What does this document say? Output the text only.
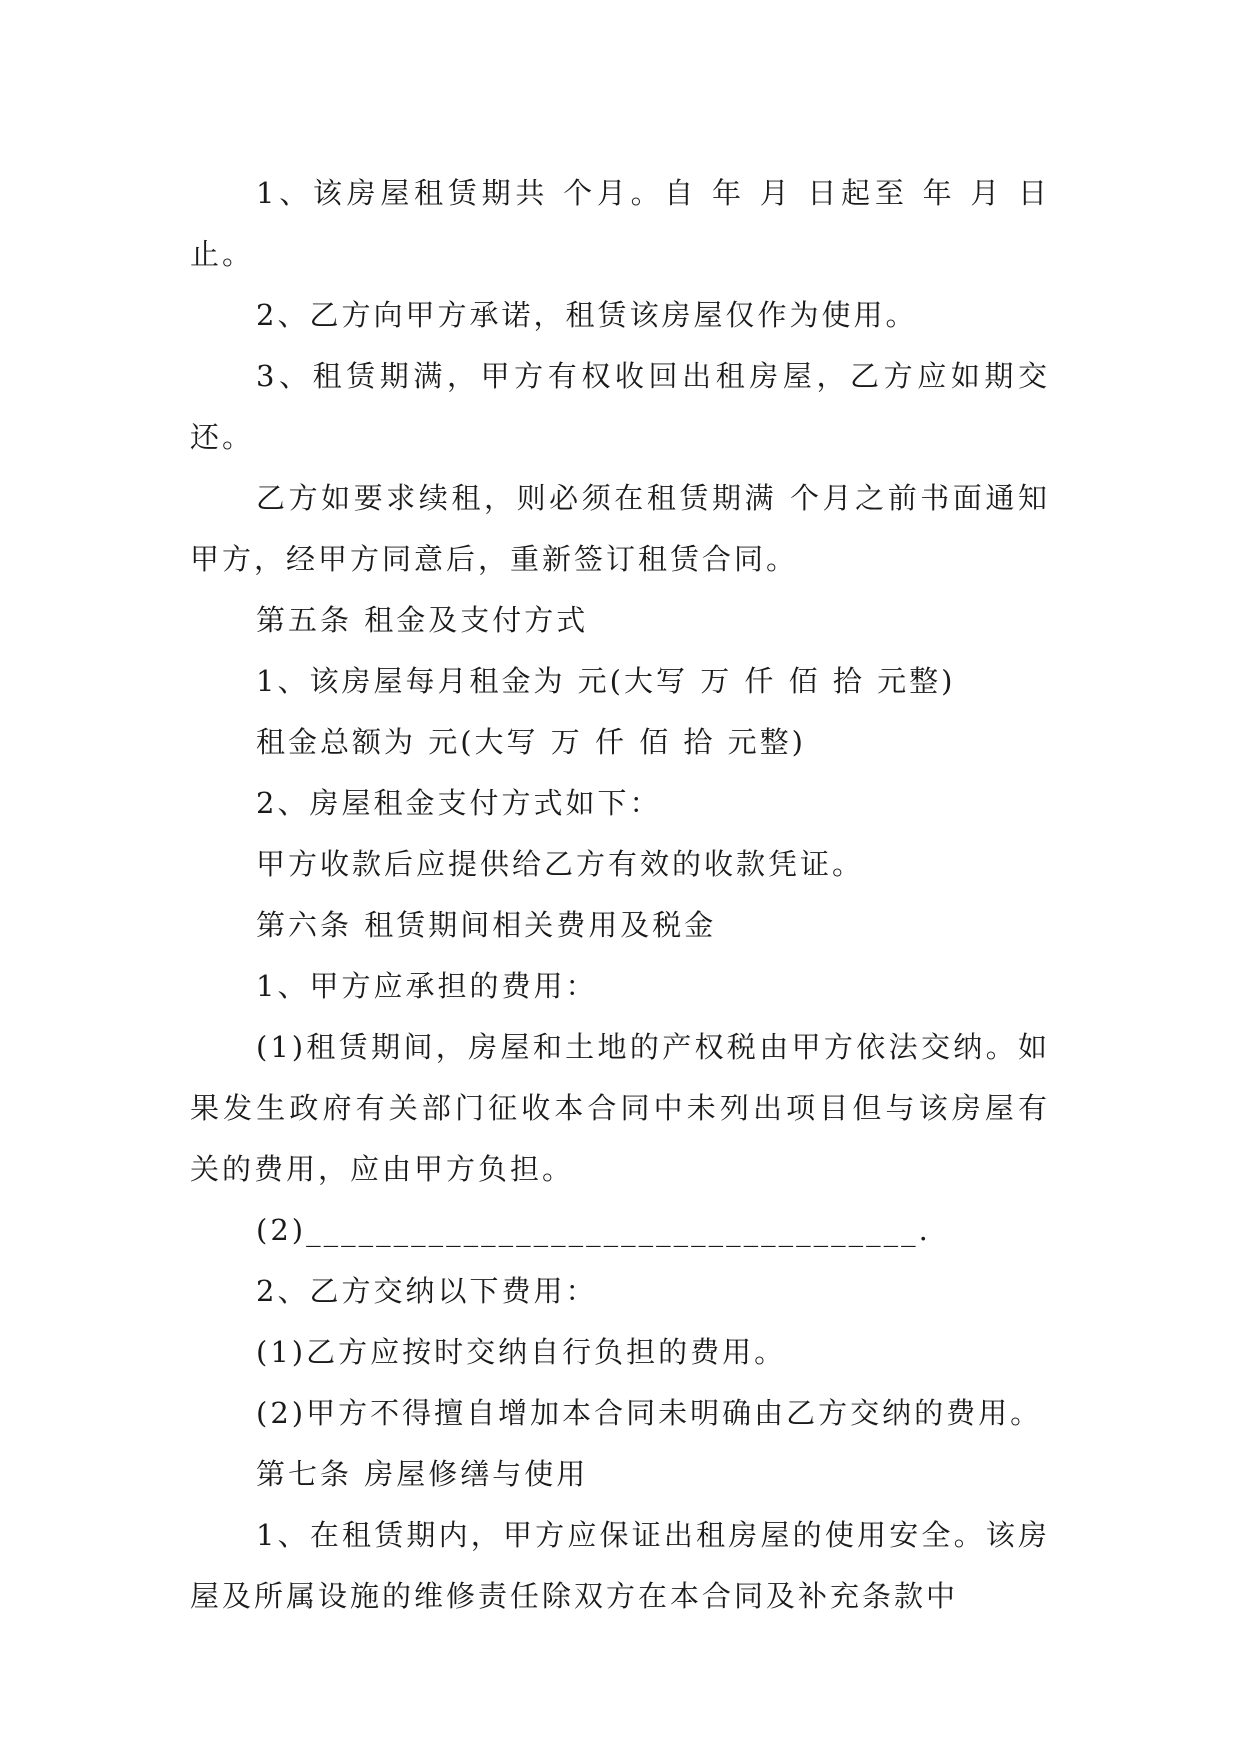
1、该房屋租赁期共 个月。自 年 月 日起至 年 月 日止。

2、乙方向甲方承诺，租赁该房屋仅作为使用。

3、租赁期满，甲方有权收回出租房屋，乙方应如期交还。

乙方如要求续租，则必须在租赁期满 个月之前书面通知甲方，经甲方同意后，重新签订租赁合同。

第五条 租金及支付方式

1、该房屋每月租金为 元(大写 万 仟 佰 拾 元整)

租金总额为 元(大写 万 仟 佰 拾 元整)

2、房屋租金支付方式如下：

甲方收款后应提供给乙方有效的收款凭证。

第六条 租赁期间相关费用及税金

1、甲方应承担的费用：

(1)租赁期间，房屋和土地的产权税由甲方依法交纳。如果发生政府有关部门征收本合同中未列出项目但与该房屋有关的费用，应由甲方负担。

(2)___________________________________.

2、乙方交纳以下费用：

(1)乙方应按时交纳自行负担的费用。

(2)甲方不得擅自增加本合同未明确由乙方交纳的费用。

第七条 房屋修缮与使用

1、在租赁期内，甲方应保证出租房屋的使用安全。该房屋及所属设施的维修责任除双方在本合同及补充条款中
